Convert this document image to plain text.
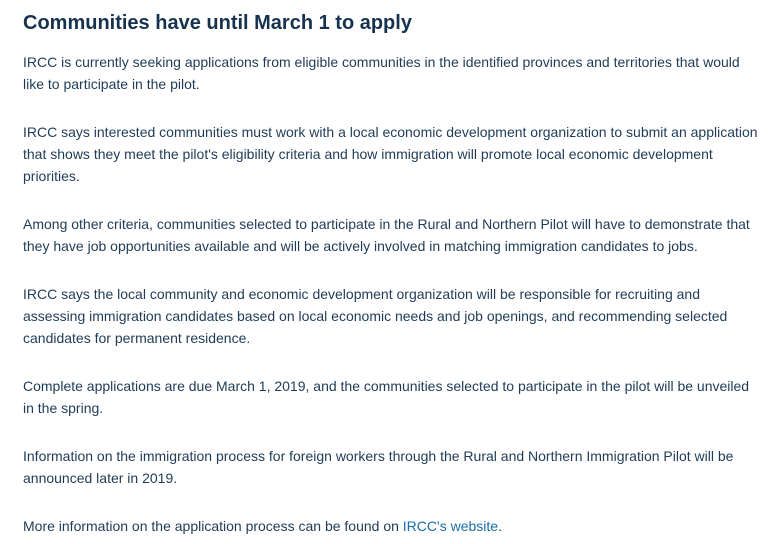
Communities have until March 1 to apply

IRCC is currently seeking applications from eligible communities in the identified provinces and territories that would like to participate in the pilot.

IRCC says interested communities must work with a local economic development organization to submit an application that shows they meet the pilot's eligibility criteria and how immigration will promote local economic development priorities.

Among other criteria, communities selected to participate in the Rural and Northern Pilot will have to demonstrate that they have job opportunities available and will be actively involved in matching immigration candidates to jobs.

IRCC says the local community and economic development organization will be responsible for recruiting and assessing immigration candidates based on local economic needs and job openings, and recommending selected candidates for permanent residence.

Complete applications are due March 1, 2019, and the communities selected to participate in the pilot will be unveiled in the spring.

Information on the immigration process for foreign workers through the Rural and Northern Immigration Pilot will be announced later in 2019.

More information on the application process can be found on IRCC's website.
